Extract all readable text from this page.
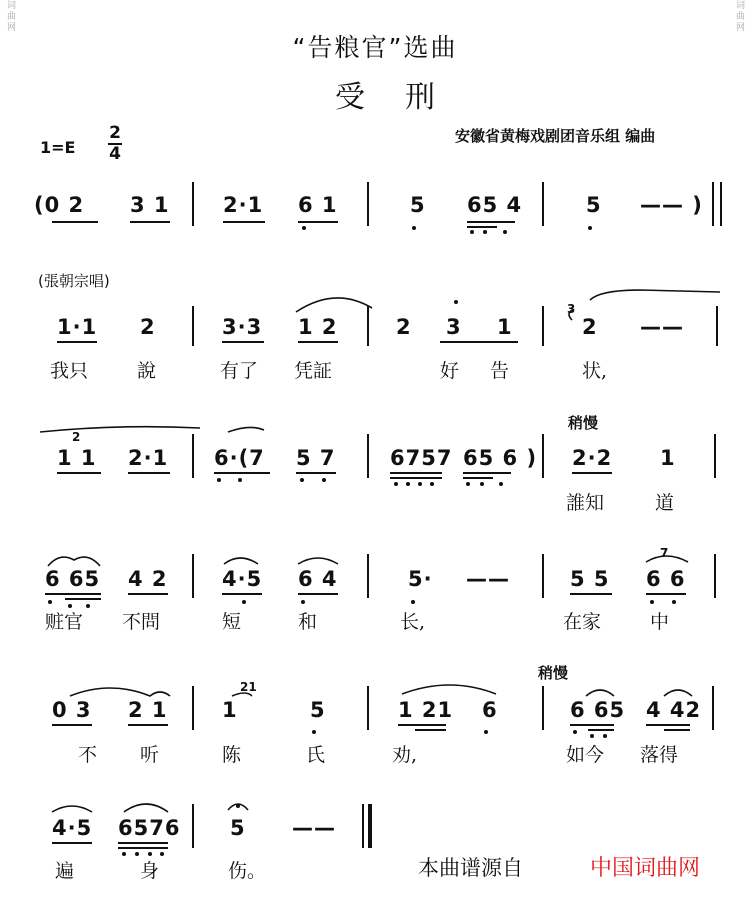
词曲网
词曲网
“告粮官”选曲
受刑
1=E
2
4
安徽省黄梅戏剧团音乐组 编曲
(0 2 3 1	2·1 6 1	5 65 4	5 —— )
(張朝宗唱)
1·1 2	3·3 1 2	2 3 1
3
2 ——
我只	說	有了 凭証	好 告	状,
稍慢
2
1 1 2·1 6·(7 5 7	6757 65 6 ) 2·2 1
誰知	道
6 65 4 2	4·5 6 4	5· ——	5 5
7
6 6
赃官 不問	短	和	长,	在家	中
稍慢
0 3 2 1	1
21
5	1 21 6	6 65 4 42
不 听	陈	氏	劝,	如今 落得
4·5 6576 5 ——
遍	身	伤。	本曲谱源自	中国词曲网
